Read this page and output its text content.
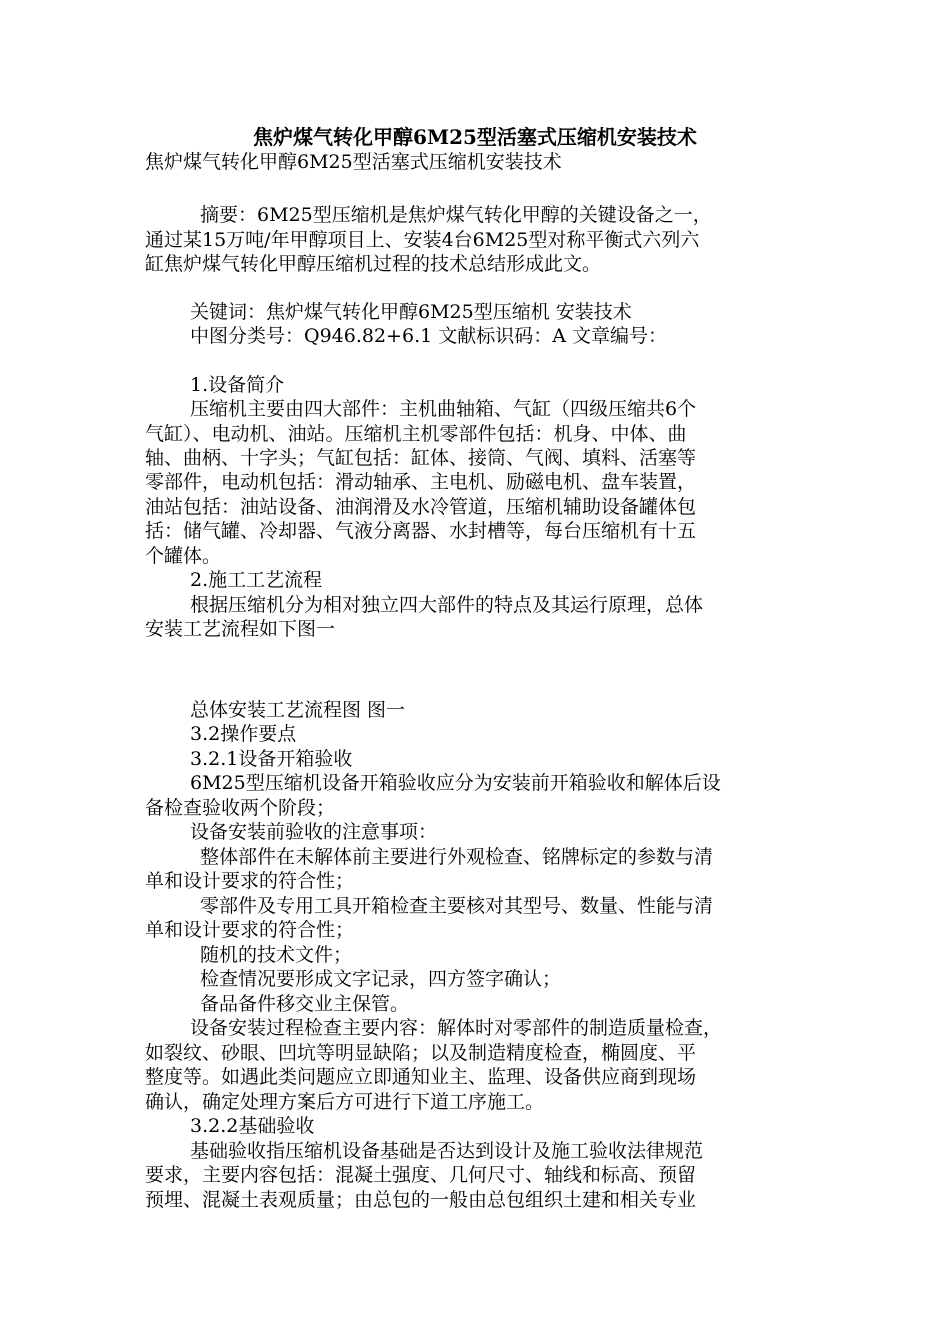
焦炉煤气转化甲醇6M25型活塞式压缩机安装技术
焦炉煤气转化甲醇6M25型活塞式压缩机安装技术
摘要：6M25型压缩机是焦炉煤气转化甲醇的关键设备之一，
通过某15万吨/年甲醇项目上、安装4台6M25型对称平衡式六列六
缸焦炉煤气转化甲醇压缩机过程的技术总结形成此文。
关键词：焦炉煤气转化甲醇6M25型压缩机 安装技术
中图分类号：Q946.82+6.1 文献标识码：A 文章编号：
1.设备简介
压缩机主要由四大部件：主机曲轴箱、气缸（四级压缩共6个
气缸）、电动机、油站。压缩机主机零部件包括：机身、中体、曲
轴、曲柄、十字头；气缸包括：缸体、接筒、气阀、填料、活塞等
零部件，电动机包括：滑动轴承、主电机、励磁电机、盘车装置，
油站包括：油站设备、油润滑及水冷管道，压缩机辅助设备罐体包
括：储气罐、冷却器、气液分离器、水封槽等，每台压缩机有十五
个罐体。
2.施工工艺流程
根据压缩机分为相对独立四大部件的特点及其运行原理，总体
安装工艺流程如下图一
总体安装工艺流程图 图一
3.2操作要点
3.2.1设备开箱验收
6M25型压缩机设备开箱验收应分为安装前开箱验收和解体后设
备检查验收两个阶段；
设备安装前验收的注意事项：
整体部件在未解体前主要进行外观检查、铭牌标定的参数与清
单和设计要求的符合性；
零部件及专用工具开箱检查主要核对其型号、数量、性能与清
单和设计要求的符合性；
随机的技术文件；
检查情况要形成文字记录，四方签字确认；
备品备件移交业主保管。
设备安装过程检查主要内容：解体时对零部件的制造质量检查，
如裂纹、砂眼、凹坑等明显缺陷；以及制造精度检查，椭圆度、平
整度等。如遇此类问题应立即通知业主、监理、设备供应商到现场
确认，确定处理方案后方可进行下道工序施工。
3.2.2基础验收
基础验收指压缩机设备基础是否达到设计及施工验收法律规范
要求，主要内容包括：混凝土强度、几何尺寸、轴线和标高、预留
预埋、混凝土表观质量；由总包的一般由总包组织土建和相关专业
